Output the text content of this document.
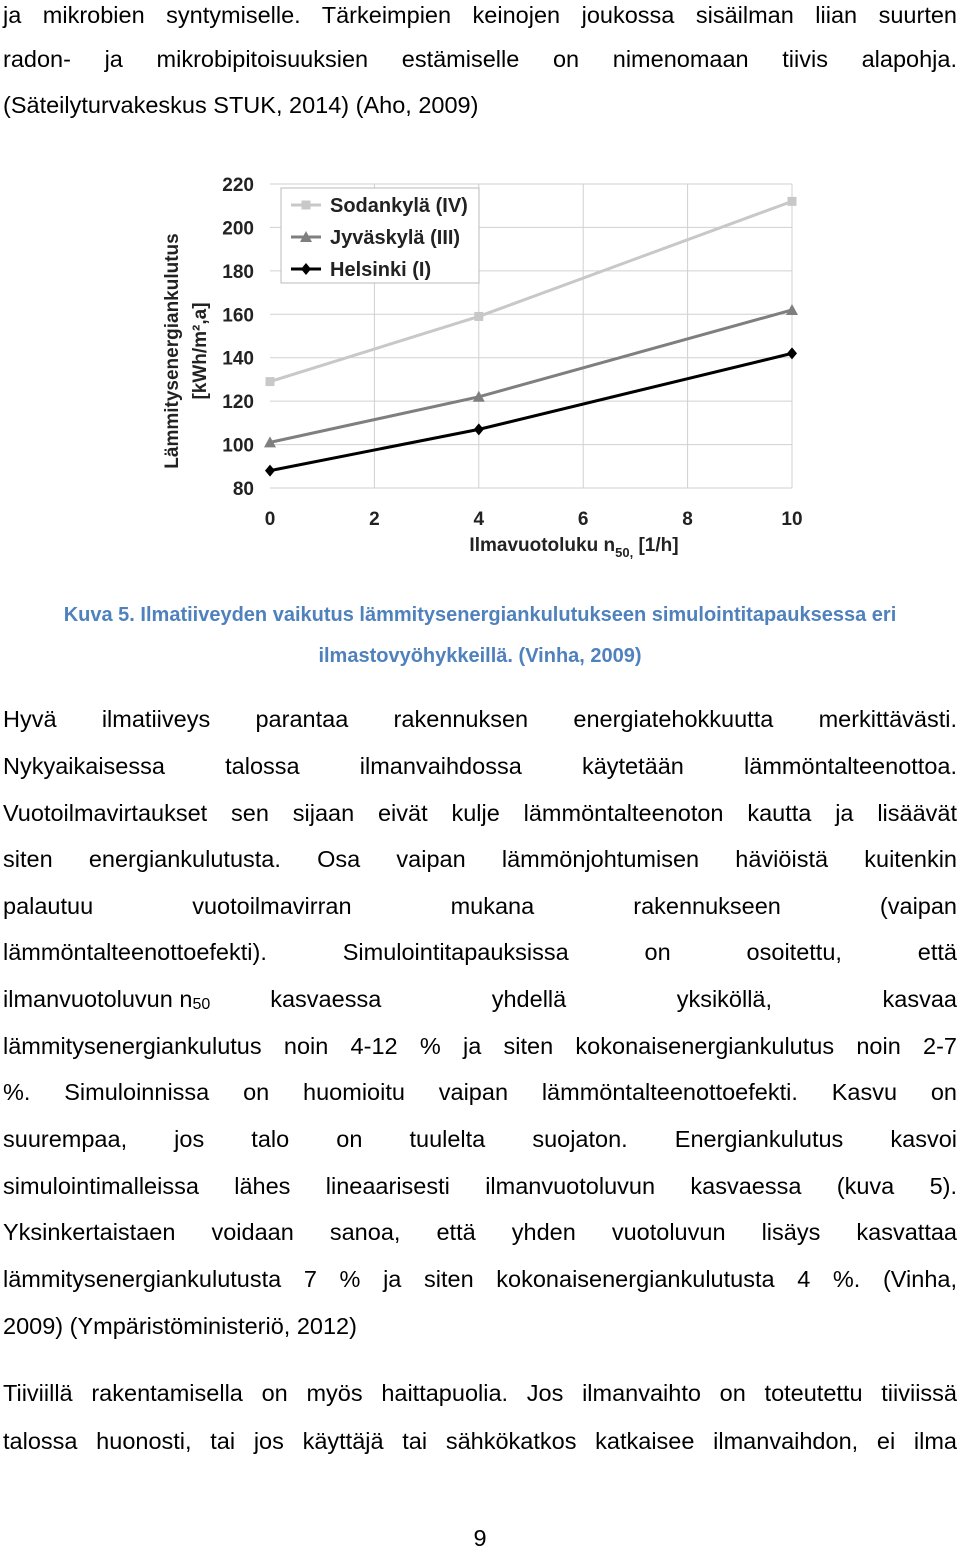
ja mikrobien syntymiselle. Tärkeimpien keinojen joukossa sisäilman liian suurten

radon- ja mikrobipitoisuuksien estämiselle on nimenomaan tiivis alapohja.

(Säteilyturvakeskus STUK, 2014) (Aho, 2009)

80
100
120
140
160
180
200
220
0	2	4	6	8	10
Sodankylä (IV)
Jyväskylä (III)
Helsinki (I)
Lämmitysenergiankulutus [kWh/m²,a]
Ilmavuotoluku $n_{50,}$ [1/h]
Kuva 5. Ilmatiiveyden vaikutus lämmitysenergiankulutukseen simulointitapauksessa eri
ilmastovyöhykkeillä. (Vinha, 2009)

Hyvä ilmatiiveys parantaa rakennuksen energiatehokkuutta merkittävästi.

Nykyaikaisessa talossa ilmanvaihdossa käytetään lämmöntalteenottoa.

Vuotoilmavirtaukset sen sijaan eivät kulje lämmöntalteenoton kautta ja lisäävät

siten energiankulutusta. Osa vaipan lämmönjohtumisen häviöistä kuitenkin

palautuu vuotoilmavirran mukana rakennukseen (vaipan

lämmöntalteenottoefekti). Simulointitapauksissa on osoitettu, että

ilmanvuotoluvun n50	kasvaessa	yhdellä	yksiköllä,	kasvaa

lämmitysenergiankulutus noin 4-12 % ja siten kokonaisenergiankulutus noin 2-7

%. Simuloinnissa on huomioitu vaipan lämmöntalteenottoefekti. Kasvu on

suurempaa, jos talo on tuulelta suojaton. Energiankulutus kasvoi

simulointimalleissa lähes lineaarisesti ilmanvuotoluvun kasvaessa (kuva 5).

Yksinkertaistaen voidaan sanoa, että yhden vuotoluvun lisäys kasvattaa

lämmitysenergiankulutusta 7 % ja siten kokonaisenergiankulutusta 4 %. (Vinha,

2009) (Ympäristöministeriö, 2012)

Tiiviillä rakentamisella on myös haittapuolia. Jos ilmanvaihto on toteutettu tiiviissä

talossa huonosti, tai jos käyttäjä tai sähkökatkos katkaisee ilmanvaihdon, ei ilma

9
